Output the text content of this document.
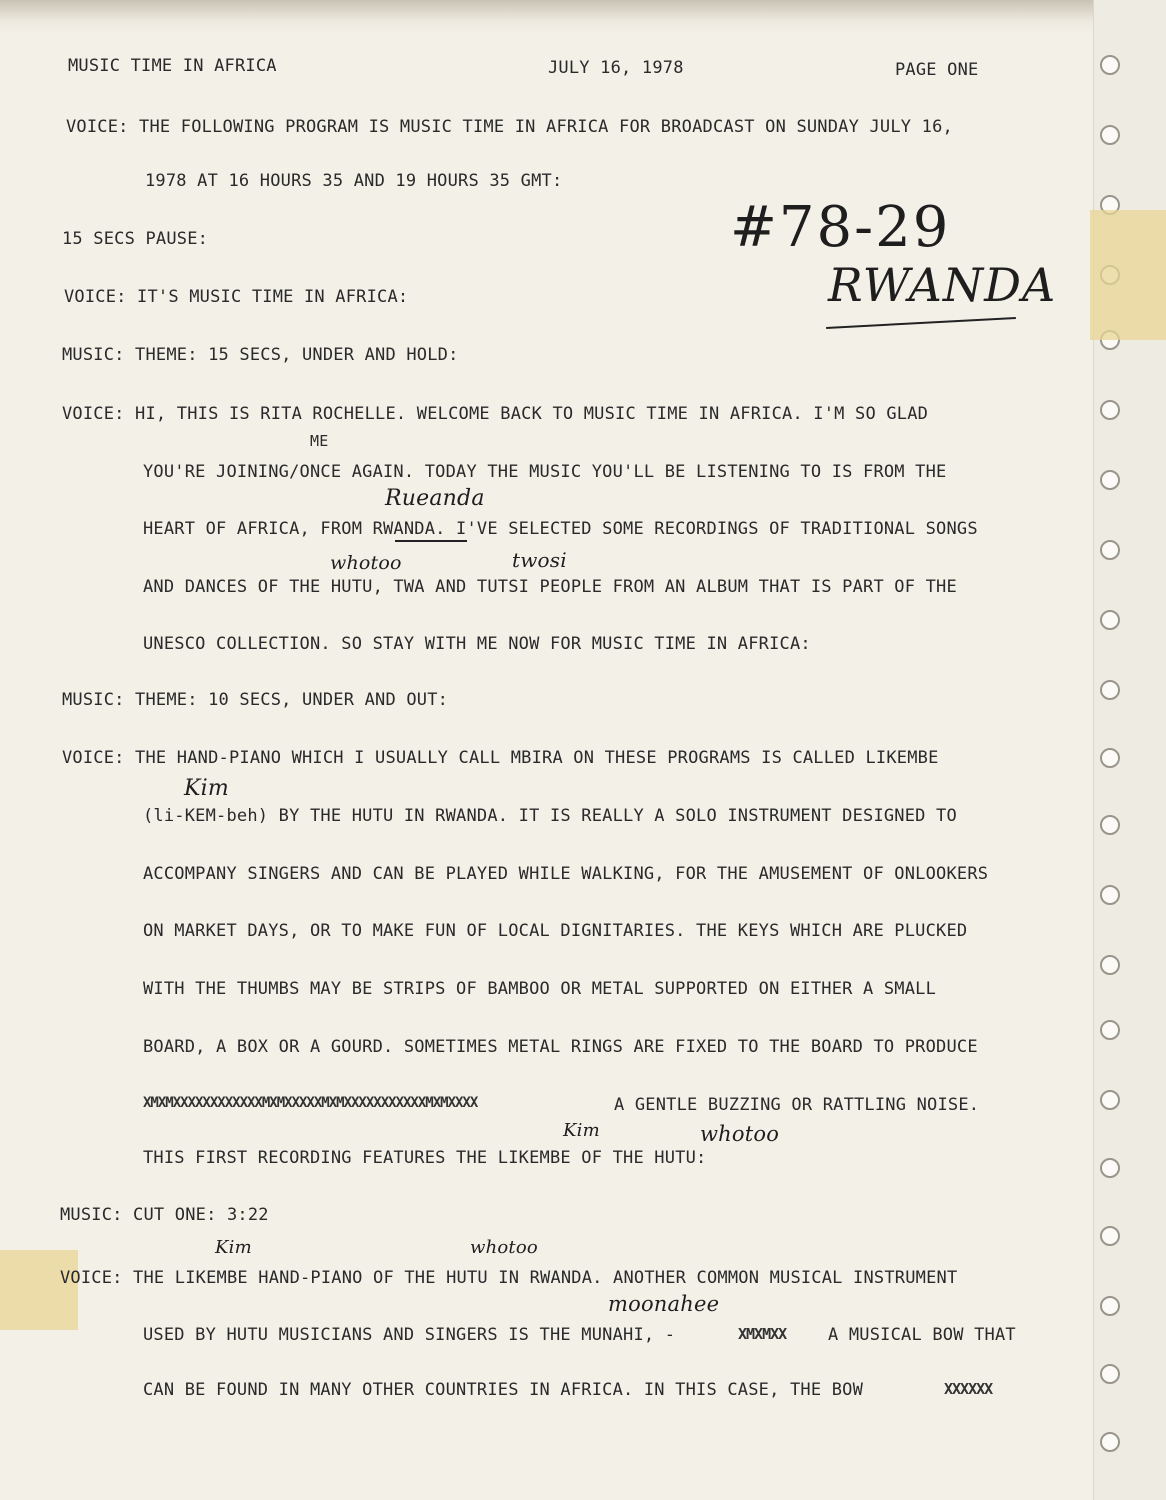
MUSIC TIME IN AFRICA	JULY 16, 1978	PAGE ONE
VOICE: THE FOLLOWING PROGRAM IS MUSIC TIME IN AFRICA FOR BROADCAST ON SUNDAY JULY 16,
1978 AT 16 HOURS 35 AND 19 HOURS 35 GMT:
15 SECS PAUSE:
VOICE: IT'S MUSIC TIME IN AFRICA:
MUSIC: THEME: 15 SECS, UNDER AND HOLD:
VOICE: HI, THIS IS RITA ROCHELLE. WELCOME BACK TO MUSIC TIME IN AFRICA. I'M SO GLAD
ME
YOU'RE JOINING/ONCE AGAIN. TODAY THE MUSIC YOU'LL BE LISTENING TO IS FROM THE
HEART OF AFRICA, FROM RWANDA. I'VE SELECTED SOME RECORDINGS OF TRADITIONAL SONGS
AND DANCES OF THE HUTU, TWA AND TUTSI PEOPLE FROM AN ALBUM THAT IS PART OF THE
UNESCO COLLECTION. SO STAY WITH ME NOW FOR MUSIC TIME IN AFRICA:
MUSIC: THEME: 10 SECS, UNDER AND OUT:
VOICE: THE HAND-PIANO WHICH I USUALLY CALL MBIRA ON THESE PROGRAMS IS CALLED LIKEMBE
(li-KEM-beh) BY THE HUTU IN RWANDA. IT IS REALLY A SOLO INSTRUMENT DESIGNED TO
ACCOMPANY SINGERS AND CAN BE PLAYED WHILE WALKING, FOR THE AMUSEMENT OF ONLOOKERS
ON MARKET DAYS, OR TO MAKE FUN OF LOCAL DIGNITARIES. THE KEYS WHICH ARE PLUCKED
WITH THE THUMBS MAY BE STRIPS OF BAMBOO OR METAL SUPPORTED ON EITHER A SMALL
BOARD, A BOX OR A GOURD. SOMETIMES METAL RINGS ARE FIXED TO THE BOARD TO PRODUCE
XMXMXXXXXXXXXXXXMXMXXXXXMXMXXXXXXXXXXXMXMXXXX	A GENTLE BUZZING OR RATTLING NOISE.
THIS FIRST RECORDING FEATURES THE LIKEMBE OF THE HUTU:
MUSIC: CUT ONE: 3:22
VOICE: THE LIKEMBE HAND-PIANO OF THE HUTU IN RWANDA. ANOTHER COMMON MUSICAL INSTRUMENT
USED BY HUTU MUSICIANS AND SINGERS IS THE MUNAHI, -	XMXMXX A MUSICAL BOW THAT
CAN BE FOUND IN MANY OTHER COUNTRIES IN AFRICA. IN THIS CASE, THE BOW	XXXXXX
#78-29
RWANDA
Rueanda
whotoo	twosi
Kim
Kim	whotoo
Kim	whotoo
moonahee
